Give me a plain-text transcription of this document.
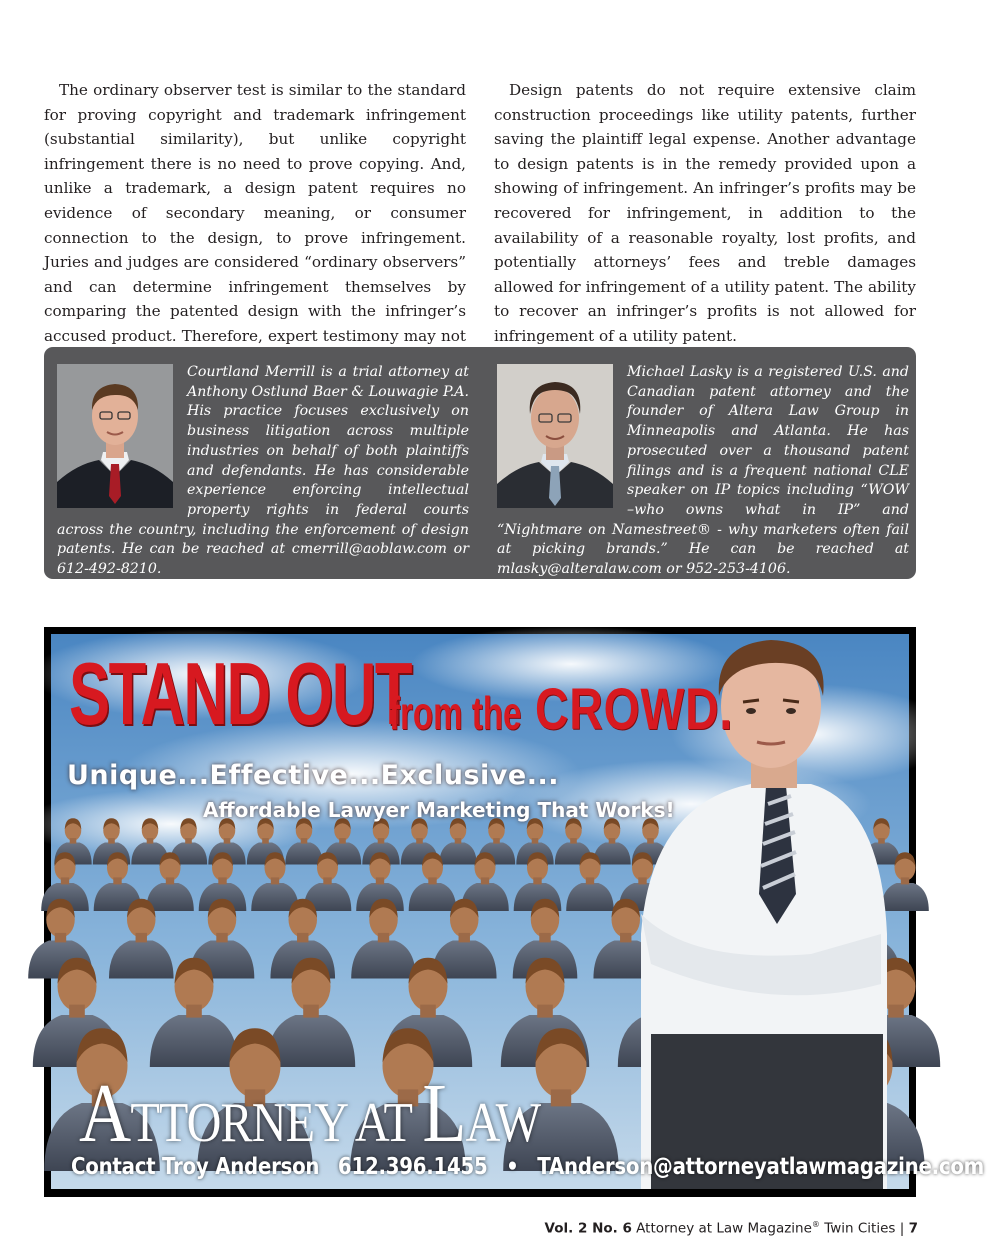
The ordinary observer test is similar to the standard for proving copyright and trademark infringement (substantial similarity), but unlike copyright infringement there is no need to prove copying. And, unlike a trademark, a design patent requires no evidence of secondary meaning, or consumer connection to the design, to prove infringement. Juries and judges are considered “ordinary observers” and can determine infringement themselves by comparing the patented design with the infringer’s accused product. Therefore, expert testimony may not

Design patents do not require extensive claim construction proceedings like utility patents, further saving the plaintiff legal expense. Another advantage to design patents is in the remedy provided upon a showing of infringement. An infringer’s profits may be recovered for infringement, in addition to the availability of a reasonable royalty, lost profits, and potentially attorneys’ fees and treble damages allowed for infringement of a utility patent. The ability to recover an infringer’s profits is not allowed for infringement of a utility patent.

Courtland Merrill is a trial attorney at Anthony Ostlund Baer & Louwagie P.A. His practice focuses exclusively on business litigation across multiple industries on behalf of both plaintiffs and defendants. He has considerable experience enforcing intellectual property rights in federal courts across the country, including the enforcement of design patents. He can be reached at cmerrill@aoblaw.com or 612-492-8210.
Michael Lasky is a registered U.S. and Canadian patent attorney and the founder of Altera Law Group in Minneapolis and Atlanta. He has prosecuted over a thousand patent filings and is a frequent national CLE speaker on IP topics including “WOW –who owns what in IP” and “Nightmare on Namestreet® - why marketers often fail at picking brands.” He can be reached at mlasky@alteralaw.com or 952-253-4106.
STAND OUT
from the CROWD.
Unique...Effective...Exclusive...
Affordable Lawyer Marketing That Works!
ATTORNEY AT LAW
Contact Troy Anderson 612.396.1455 • TAnderson@attorneyatlawmagazine.com
Vol. 2 No. 6 Attorney at Law Magazine® Twin Cities | 7
